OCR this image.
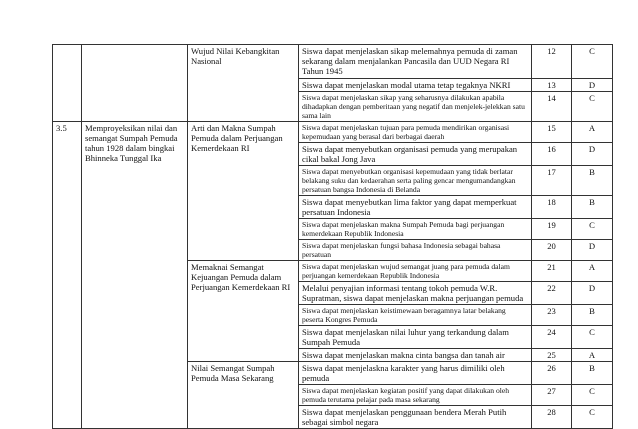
		Wujud Nilai Kebangkitan Nasional	Siswa dapat menjelaskan sikap melemahnya pemuda di zaman sekarang dalam menjalankan Pancasila dan UUD Negara RI Tahun 1945	12	C
			Siswa dapat menjelaskan modal utama tetap tegaknya NKRI	13	D
			Siswa dapat menjelaskan sikap yang seharusnya dilakukan apabila dihadapkan dengan pemberitaan yang negatif dan menjelek-jelekkan satu sama lain	14	C
3.5	Memproyeksikan nilai dan semangat Sumpah Pemuda tahun 1928 dalam bingkai Bhinneka Tunggal Ika	Arti dan Makna Sumpah Pemuda dalam Perjuangan Kemerdekaan RI	Siswa dapat menjelaskan tujuan para pemuda mendirikan organisasi kepemudaan yang berasal dari berbagai daerah	15	A
			Siswa dapat menyebutkan organisasi pemuda yang merupakan cikal bakal Jong Java	16	D
			Siswa dapat menyebutkan organisasi kepemudaan yang tidak berlatar belakang suku dan kedaerahan serta paling gencar mengumandangkan persatuan bangsa Indonesia di Belanda	17	B
			Siswa dapat menyebutkan lima faktor yang dapat memperkuat persatuan Indonesia	18	B
			Siswa dapat menjelaskan makna Sumpah Pemuda bagi perjuangan kemerdekaan Republik Indonesia	19	C
			Siswa dapat menjelaskan fungsi bahasa Indonesia sebagai bahasa persatuan	20	D
		Memaknai Semangat Kejuangan Pemuda dalam Perjuangan Kemerdekaan RI	Siswa dapat menjelaskan wujud semangat juang para pemuda dalam perjuangan kemerdekaan Republik Indonesia	21	A
			Melalui penyajian informasi tentang tokoh pemuda W.R. Supratman, siswa dapat menjelaskan makna perjuangan pemuda	22	D
			Siswa dapat menjelaskan keistimewaan beragamnya latar belakang peserta Kongres Pemuda	23	B
			Siswa dapat menjelaskan nilai luhur yang terkandung dalam Sumpah Pemuda	24	C
			Siswa dapat menjelaskan makna cinta bangsa dan tanah air	25	A
		Nilai Semangat Sumpah Pemuda Masa Sekarang	Siswa dapat menjelaskna karakter yang harus dimiliki oleh pemuda	26	B
			Siswa dapat menjelaskan kegiatan positif yang dapat dilakukan oleh pemuda terutama pelajar pada masa sekarang	27	C
			Siswa dapat menjelaskan penggunaan bendera Merah Putih sebagai simbol negara	28	C
